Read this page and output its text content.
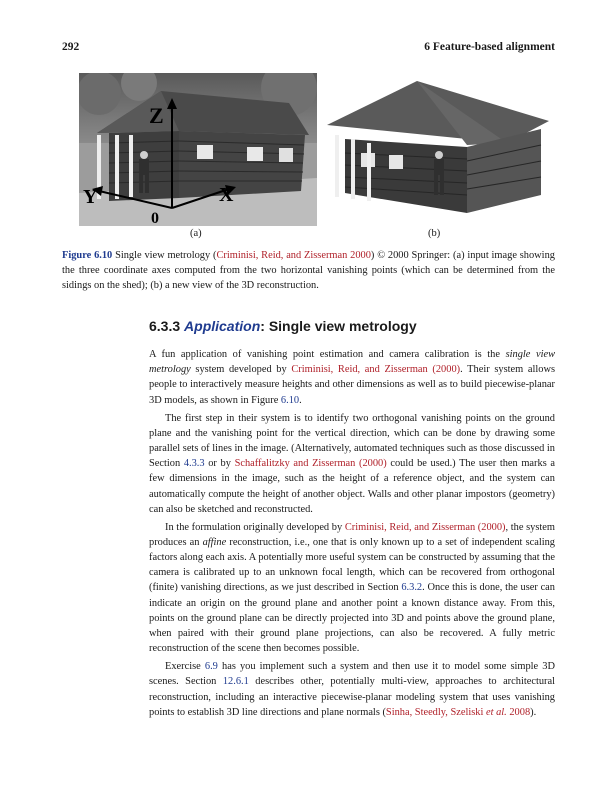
292	6 Feature-based alignment
Z
Y	X
0
(a)	(b)
Figure 6.10 Single view metrology (Criminisi, Reid, and Zisserman 2000) © 2000 Springer: (a) input image showing the three coordinate axes computed from the two horizontal vanishing points (which can be determined from the sidings on the shed); (b) a new view of the 3D reconstruction.
6.3.3 Application: Single view metrology

A fun application of vanishing point estimation and camera calibration is the single view metrology system developed by Criminisi, Reid, and Zisserman (2000). Their system allows people to interactively measure heights and other dimensions as well as to build piecewise-planar 3D models, as shown in Figure 6.10.

The first step in their system is to identify two orthogonal vanishing points on the ground plane and the vanishing point for the vertical direction, which can be done by drawing some parallel sets of lines in the image. (Alternatively, automated techniques such as those discussed in Section 4.3.3 or by Schaffalitzky and Zisserman (2000) could be used.) The user then marks a few dimensions in the image, such as the height of a reference object, and the system can automatically compute the height of another object. Walls and other planar impostors (geometry) can also be sketched and reconstructed.

In the formulation originally developed by Criminisi, Reid, and Zisserman (2000), the system produces an affine reconstruction, i.e., one that is only known up to a set of independent scaling factors along each axis. A potentially more useful system can be constructed by assuming that the camera is calibrated up to an unknown focal length, which can be recovered from orthogonal (finite) vanishing directions, as we just described in Section 6.3.2. Once this is done, the user can indicate an origin on the ground plane and another point a known distance away. From this, points on the ground plane can be directly projected into 3D and points above the ground plane, when paired with their ground plane projections, can also be recovered. A fully metric reconstruction of the scene then becomes possible.

Exercise 6.9 has you implement such a system and then use it to model some simple 3D scenes. Section 12.6.1 describes other, potentially multi-view, approaches to architectural reconstruction, including an interactive piecewise-planar modeling system that uses vanishing points to establish 3D line directions and plane normals (Sinha, Steedly, Szeliski et al. 2008).
